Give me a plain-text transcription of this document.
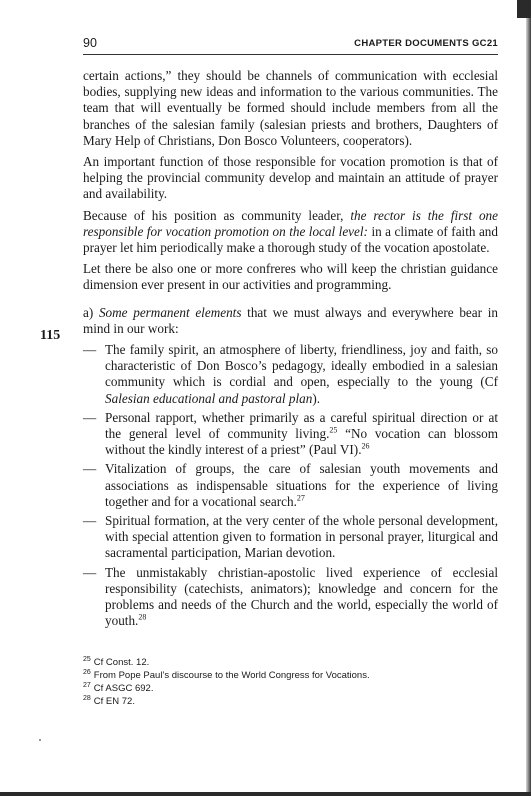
90	CHAPTER DOCUMENTS GC21
115

certain actions,” they should be channels of communication with ecclesial bodies, supplying new ideas and information to the various communities. The team that will eventually be formed should include members from all the branches of the salesian family (salesian priests and brothers, Daughters of Mary Help of Christians, Don Bosco Volunteers, cooperators).

An important function of those responsible for vocation promotion is that of helping the provincial community develop and maintain an attitude of prayer and availability.

Because of his position as community leader, the rector is the first one responsible for vocation promotion on the local level: in a climate of faith and prayer let him periodically make a thorough study of the vocation apostolate.

Let there be also one or more confreres who will keep the christian guidance dimension ever present in our activities and programming.

a) Some permanent elements that we must always and everywhere bear in mind in our work:

— The family spirit, an atmosphere of liberty, friendliness, joy and faith, so characteristic of Don Bosco’s pedagogy, ideally embodied in a salesian community which is cordial and open, especially to the young (Cf Salesian educational and pastoral plan).
— Personal rapport, whether primarily as a careful spiritual direction or at the general level of community living.$^{25}$ “No vocation can blossom without the kindly interest of a priest” (Paul VI).$^{26}$
— Vitalization of groups, the care of salesian youth movements and associations as indispensable situations for the experience of living together and for a vocational search.$^{27}$
— Spiritual formation, at the very center of the whole personal development, with special attention given to formation in personal prayer, liturgical and sacramental participation, Marian devotion.
— The unmistakably christian-apostolic lived experience of ecclesial responsibility (catechists, animators); knowledge and concern for the problems and needs of the Church and the world, especially the world of youth.$^{28}$
$^{25}$ Cf Const. 12.
$^{26}$ From Pope Paul’s discourse to the World Congress for Vocations.
$^{27}$ Cf ASGC 692.
$^{28}$ Cf EN 72.
